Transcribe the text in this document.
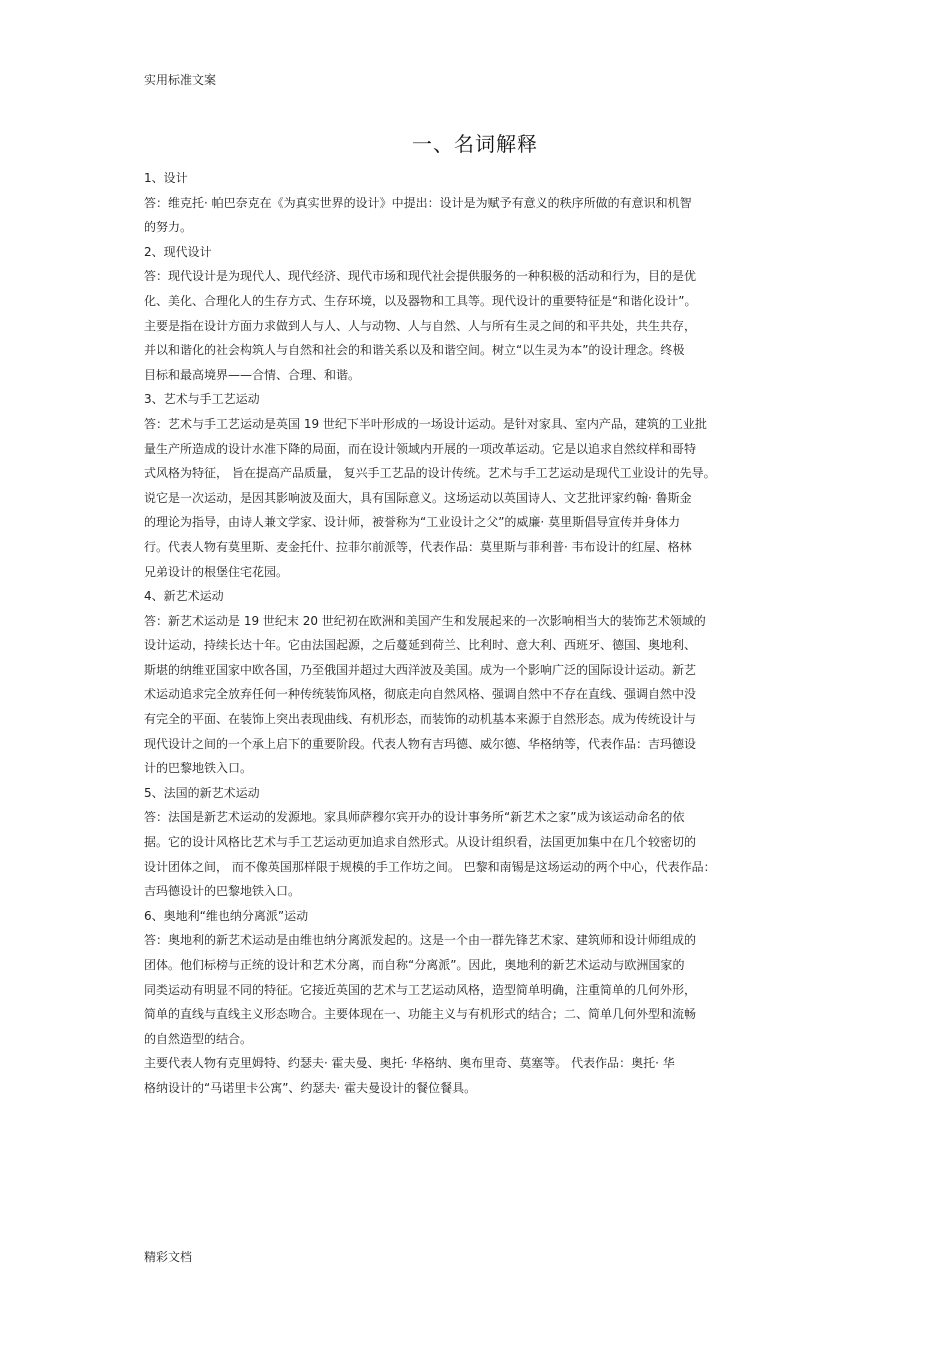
实用标准文案
一、名词解释
1、设计
答：维克托· 帕巴奈克在《为真实世界的设计》中提出：设计是为赋予有意义的秩序所做的有意识和机智
的努力。
2、现代设计
答：现代设计是为现代人、现代经济、现代市场和现代社会提供服务的一种积极的活动和行为，目的是优
化、美化、合理化人的生存方式、生存环境，以及器物和工具等。现代设计的重要特征是“和谐化设计”。
主要是指在设计方面力求做到人与人、人与动物、人与自然、人与所有生灵之间的和平共处，共生共存，
并以和谐化的社会构筑人与自然和社会的和谐关系以及和谐空间。树立“以生灵为本”的设计理念。终极
目标和最高境界——合情、合理、和谐。
3、艺术与手工艺运动
答：艺术与手工艺运动是英国 19 世纪下半叶形成的一场设计运动。是针对家具、室内产品，建筑的工业批
量生产所造成的设计水准下降的局面，而在设计领域内开展的一项改革运动。它是以追求自然纹样和哥特
式风格为特征， 旨在提高产品质量， 复兴手工艺品的设计传统。艺术与手工艺运动是现代工业设计的先导。
说它是一次运动，是因其影响波及面大，具有国际意义。这场运动以英国诗人、文艺批评家约翰· 鲁斯金
的理论为指导，由诗人兼文学家、设计师，被誉称为“工业设计之父”的威廉· 莫里斯倡导宣传并身体力
行。代表人物有莫里斯、麦金托什、拉菲尔前派等，代表作品：莫里斯与菲利普· 韦布设计的红屋、格林
兄弟设计的根堡住宅花园。
4、新艺术运动
答：新艺术运动是 19 世纪末 20 世纪初在欧洲和美国产生和发展起来的一次影响相当大的装饰艺术领域的
设计运动，持续长达十年。它由法国起源，之后蔓延到荷兰、比利时、意大利、西班牙、德国、奥地利、
斯堪的纳维亚国家中欧各国，乃至俄国并超过大西洋波及美国。成为一个影响广泛的国际设计运动。新艺
术运动追求完全放弃任何一种传统装饰风格，彻底走向自然风格、强调自然中不存在直线、强调自然中没
有完全的平面、在装饰上突出表现曲线、有机形态，而装饰的动机基本来源于自然形态。成为传统设计与
现代设计之间的一个承上启下的重要阶段。代表人物有吉玛德、威尔德、华格纳等，代表作品：吉玛德设
计的巴黎地铁入口。
5、法国的新艺术运动
答：法国是新艺术运动的发源地。家具师萨穆尔宾开办的设计事务所“新艺术之家”成为该运动命名的依
据。它的设计风格比艺术与手工艺运动更加追求自然形式。从设计组织看，法国更加集中在几个较密切的
设计团体之间， 而不像英国那样限于规模的手工作坊之间。 巴黎和南锡是这场运动的两个中心，代表作品：
吉玛德设计的巴黎地铁入口。
6、奥地利“维也纳分离派”运动
答：奥地利的新艺术运动是由维也纳分离派发起的。这是一个由一群先锋艺术家、建筑师和设计师组成的
团体。他们标榜与正统的设计和艺术分离，而自称“分离派”。因此，奥地利的新艺术运动与欧洲国家的
同类运动有明显不同的特征。它接近英国的艺术与工艺运动风格，造型简单明确，注重简单的几何外形，
简单的直线与直线主义形态吻合。主要体现在一、功能主义与有机形式的结合；二、简单几何外型和流畅
的自然造型的结合。
主要代表人物有克里姆特、约瑟夫· 霍夫曼、奥托· 华格纳、奥布里奇、莫塞等。 代表作品：奥托· 华
格纳设计的“马诺里卡公寓”、约瑟夫· 霍夫曼设计的餐位餐具。
精彩文档
